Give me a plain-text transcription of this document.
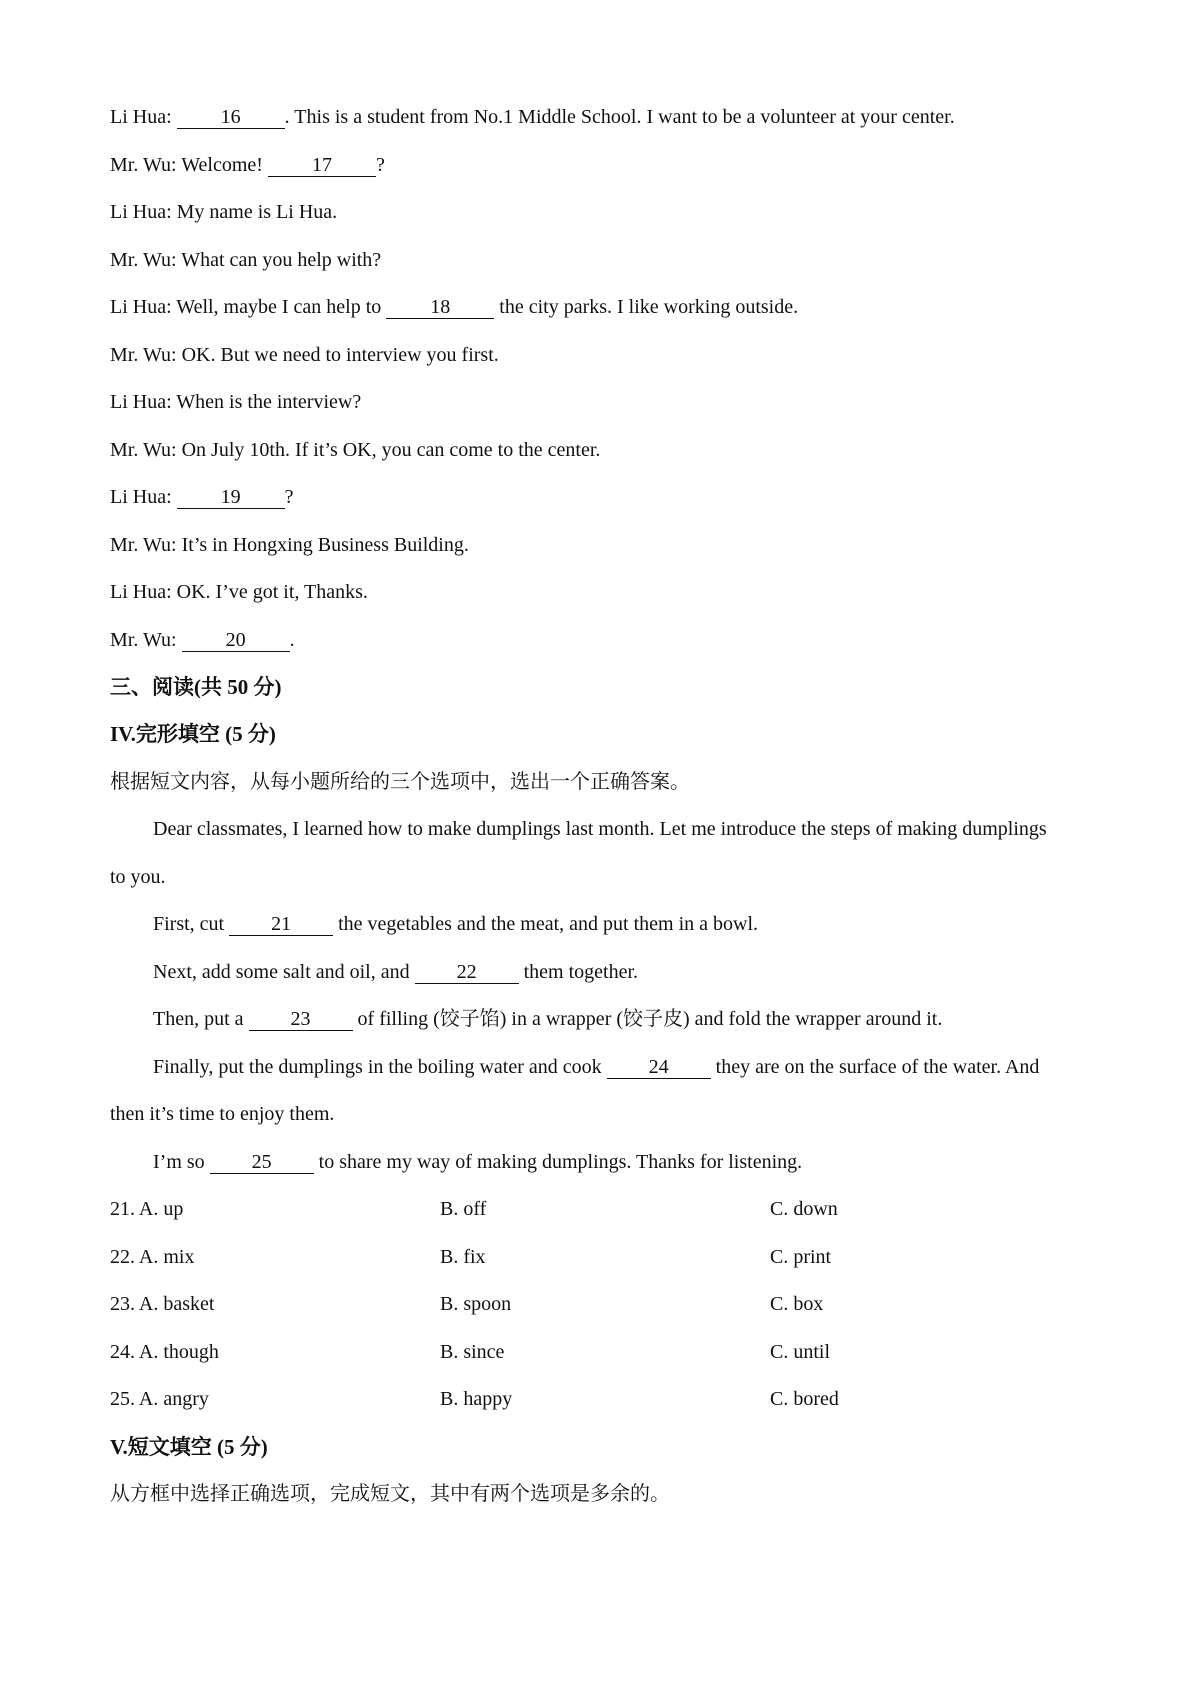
Li Hua: 16 . This is a student from No.1 Middle School. I want to be a volunteer at your center.
Mr. Wu: Welcome! 17 ?
Li Hua: My name is Li Hua.
Mr. Wu: What can you help with?
Li Hua: Well, maybe I can help to 18 the city parks. I like working outside.
Mr. Wu: OK. But we need to interview you first.
Li Hua: When is the interview?
Mr. Wu: On July 10th. If it’s OK, you can come to the center.
Li Hua: 19 ?
Mr. Wu: It’s in Hongxing Business Building.
Li Hua: OK. I’ve got it, Thanks.
Mr. Wu: 20 .
三、阅读(共 50 分)
IV.完形填空 (5 分)
根据短文内容，从每小题所给的三个选项中，选出一个正确答案。
Dear classmates, I learned how to make dumplings last month. Let me introduce the steps of making dumplings
to you.
First, cut 21 the vegetables and the meat, and put them in a bowl.
Next, add some salt and oil, and 22 them together.
Then, put a 23 of filling (饺子馅) in a wrapper (饺子皮) and fold the wrapper around it.
Finally, put the dumplings in the boiling water and cook 24 they are on the surface of the water. And
then it’s time to enjoy them.
I’m so 25 to share my way of making dumplings. Thanks for listening.
21. A. up	B. off	C. down
22. A. mix	B. fix	C. print
23. A. basket	B. spoon	C. box
24. A. though	B. since	C. until
25. A. angry	B. happy	C. bored
V.短文填空 (5 分)
从方框中选择正确选项，完成短文，其中有两个选项是多余的。
